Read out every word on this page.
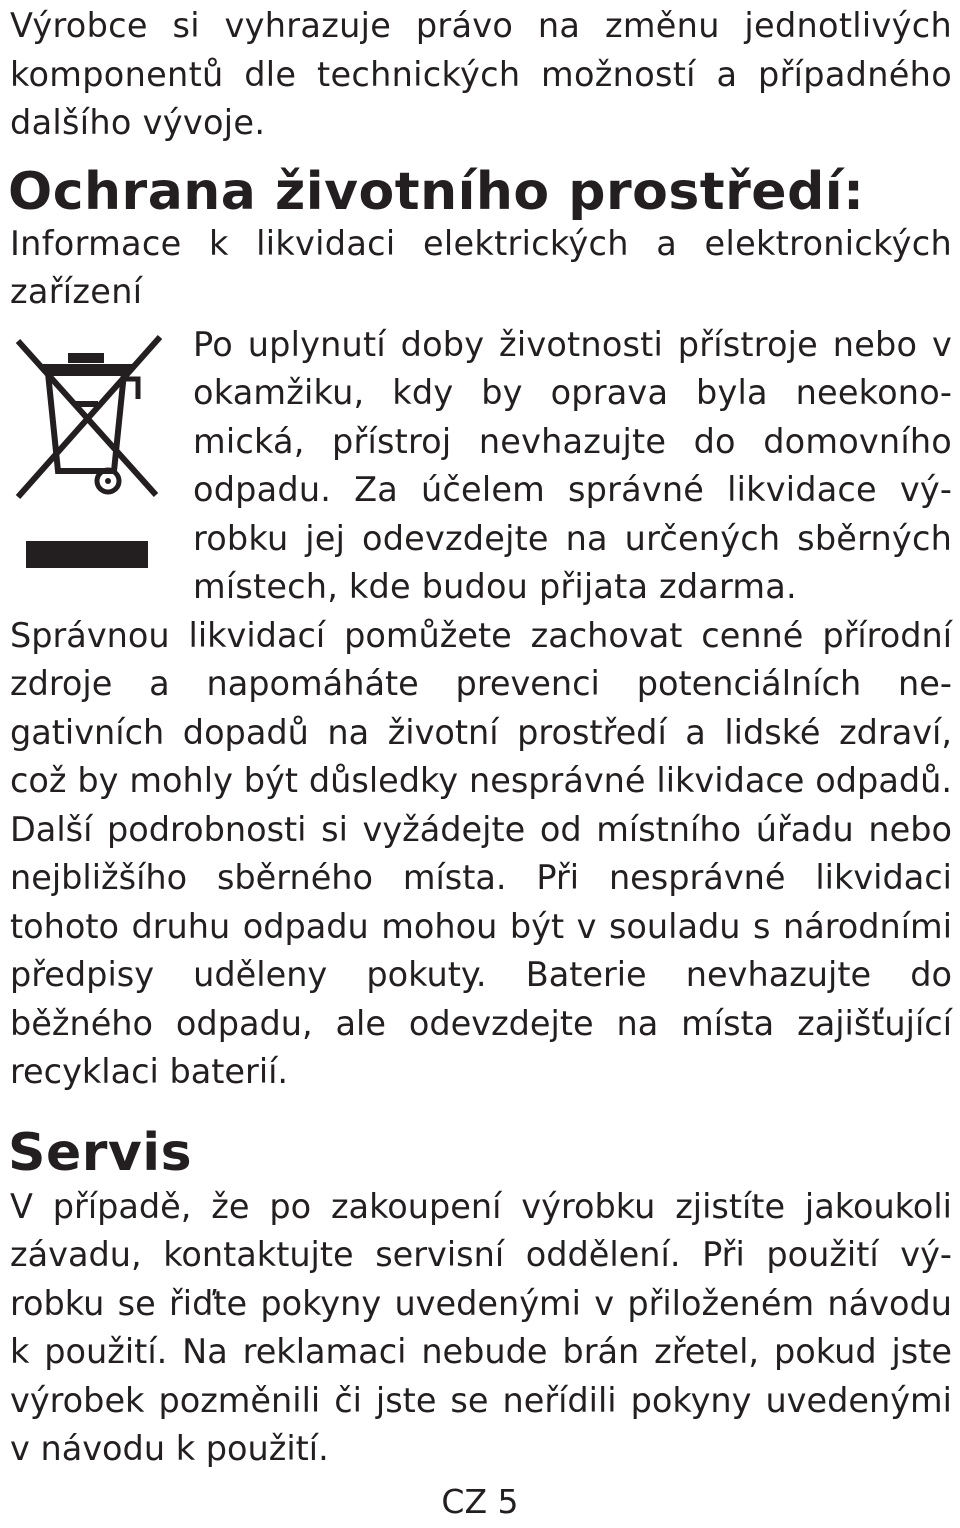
Výrobce si vyhrazuje právo na změnu jednotlivých komponentů dle technických možností a případného dalšího vývoje.

Ochrana životního prostředí:

Informace k likvidaci elektrických a elektronických zařízení

Po uplynutí doby životnosti přístroje nebo v okamžiku, kdy by oprava byla neekonomická, přístroj nevhazujte do domovního odpadu. Za účelem správné likvidace výrobku jej odevzdejte na určených sběrných místech, kde budou přijata zdarma.

Správnou likvidací pomůžete zachovat cenné přírodní zdroje a napomáháte prevenci potenciálních negativních dopadů na životní prostředí a lidské zdraví, což by mohly být důsledky nesprávné likvidace odpadů. Další podrobnosti si vyžádejte od místního úřadu nebo nejbližšího sběrného místa. Při nesprávné likvidaci tohoto druhu odpadu mohou být v souladu s národními předpisy uděleny pokuty. Baterie nevhazujte do běžného odpadu, ale odevzdejte na místa zajišťující recyklaci baterií.

Servis

V případě, že po zakoupení výrobku zjistíte jakoukoli závadu, kontaktujte servisní oddělení. Při použití výrobku se řiďte pokyny uvedenými v přiloženém návodu k použití. Na reklamaci nebude brán zřetel, pokud jste výrobek pozměnili či jste se neřídili pokyny uvedenými v návodu k použití.

CZ 5
